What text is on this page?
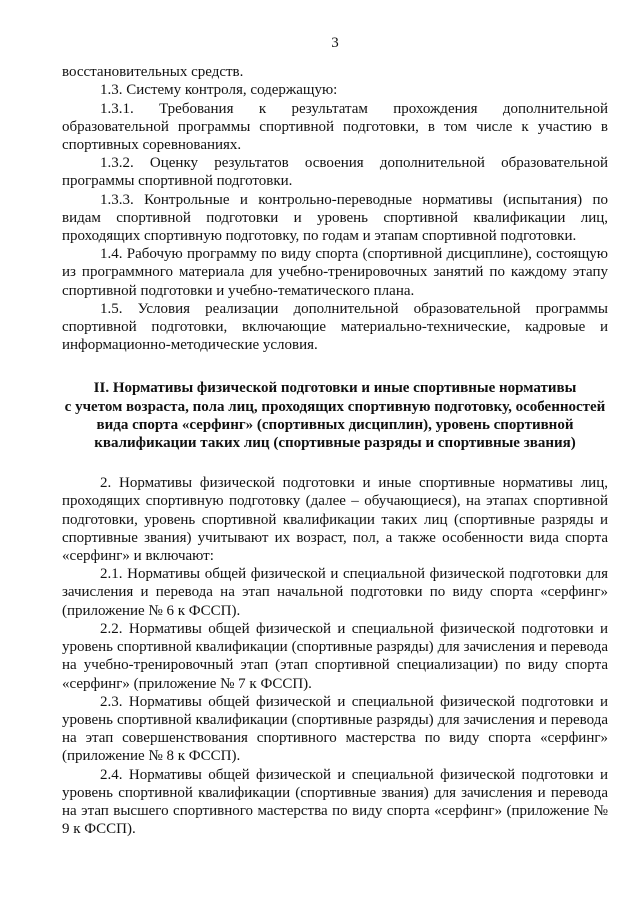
3

восстановительных средств.

1.3. Систему контроля, содержащую:

1.3.1. Требования к результатам прохождения дополнительной образовательной программы спортивной подготовки, в том числе к участию в спортивных соревнованиях.

1.3.2. Оценку результатов освоения дополнительной образовательной программы спортивной подготовки.

1.3.3. Контрольные и контрольно-переводные нормативы (испытания) по видам спортивной подготовки и уровень спортивной квалификации лиц, проходящих спортивную подготовку, по годам и этапам спортивной подготовки.

1.4. Рабочую программу по виду спорта (спортивной дисциплине), состоящую из программного материала для учебно-тренировочных занятий по каждому этапу спортивной подготовки и учебно-тематического плана.

1.5. Условия реализации дополнительной образовательной программы спортивной подготовки, включающие материально-технические, кадровые и информационно-методические условия.

II. Нормативы физической подготовки и иные спортивные нормативы
с учетом возраста, пола лиц, проходящих спортивную подготовку, особенностей
вида спорта «серфинг» (спортивных дисциплин), уровень спортивной
квалификации таких лиц (спортивные разряды и спортивные звания)

2. Нормативы физической подготовки и иные спортивные нормативы лиц, проходящих спортивную подготовку (далее – обучающиеся), на этапах спортивной подготовки, уровень спортивной квалификации таких лиц (спортивные разряды и спортивные звания) учитывают их возраст, пол, а также особенности вида спорта «серфинг» и включают:

2.1. Нормативы общей физической и специальной физической подготовки для зачисления и перевода на этап начальной подготовки по виду спорта «серфинг» (приложение № 6 к ФССП).

2.2. Нормативы общей физической и специальной физической подготовки и уровень спортивной квалификации (спортивные разряды) для зачисления и перевода на учебно-тренировочный этап (этап спортивной специализации) по виду спорта «серфинг» (приложение № 7 к ФССП).

2.3. Нормативы общей физической и специальной физической подготовки и уровень спортивной квалификации (спортивные разряды) для зачисления и перевода на этап совершенствования спортивного мастерства по виду спорта «серфинг» (приложение № 8 к ФССП).

2.4. Нормативы общей физической и специальной физической подготовки и уровень спортивной квалификации (спортивные звания) для зачисления и перевода на этап высшего спортивного мастерства по виду спорта «серфинг» (приложение № 9 к ФССП).
